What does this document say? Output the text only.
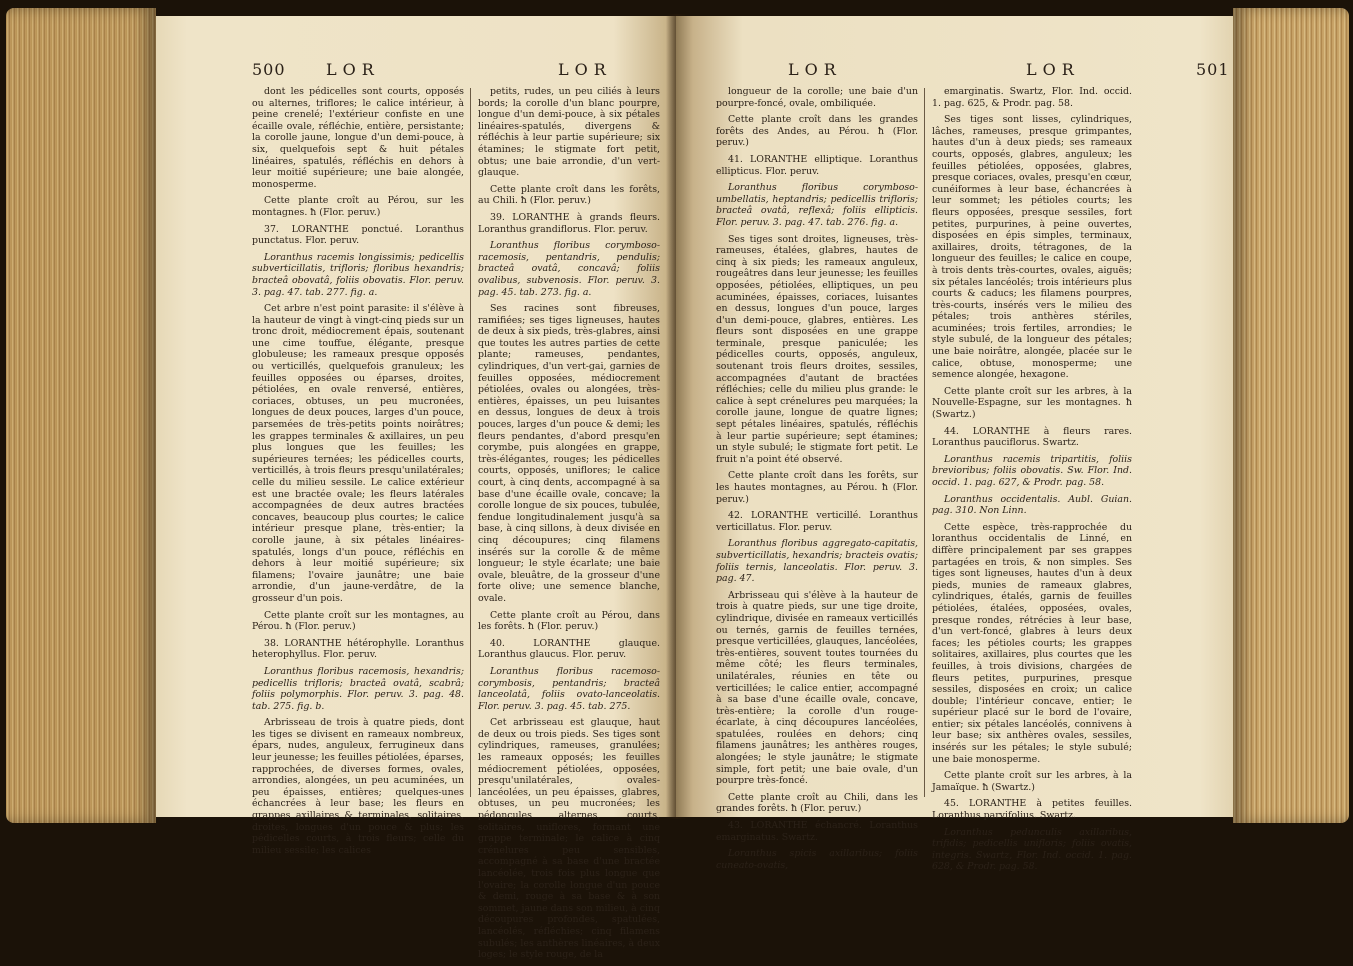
500	LOR	LOR

dont les pédicelles sont courts, opposés ou alternes, triflores; le calice intérieur, à peine crenelé; l'extérieur confiste en une écaille ovale, réfléchie, entière, persistante; la corolle jaune, longue d'un demi-pouce, à six, quelquefois sept & huit pétales linéaires, spatulés, réfléchis en dehors à leur moitié supérieure; une baie alongée, monosperme.

Cette plante croît au Pérou, sur les montagnes. ħ (Flor. peruv.)

37. LORANTHE ponctué. Loranthus punctatus. Flor. peruv.

Loranthus racemis longissimis; pedicellis subverticillatis, trifloris; floribus hexandris; bracteâ obovatâ, foliis obovatis. Flor. peruv. 3. pag. 47. tab. 277. fig. a.

Cet arbre n'est point parasite: il s'élève à la hauteur de vingt à vingt-cinq pieds sur un tronc droit, médiocrement épais, soutenant une cime touffue, élégante, presque globuleuse; les rameaux presque opposés ou verticillés, quelquefois granuleux; les feuilles opposées ou éparses, droites, pétiolées, en ovale renversé, entières, coriaces, obtuses, un peu mucronées, longues de deux pouces, larges d'un pouce, parsemées de très-petits points noirâtres; les grappes terminales & axillaires, un peu plus longues que les feuilles; les supérieures ternées; les pédicelles courts, verticillés, à trois fleurs presqu'unilatérales; celle du milieu sessile. Le calice extérieur est une bractée ovale; les fleurs latérales accompagnées de deux autres bractées concaves, beaucoup plus courtes; le calice intérieur presque plane, très-entier; la corolle jaune, à six pétales linéaires-spatulés, longs d'un pouce, réfléchis en dehors à leur moitié supérieure; six filamens; l'ovaire jaunâtre; une baie arrondie, d'un jaune-verdâtre, de la grosseur d'un pois.

Cette plante croît sur les montagnes, au Pérou. ħ (Flor. peruv.)

38. LORANTHE hétérophylle. Loranthus heterophyllus. Flor. peruv.

Loranthus floribus racemosis, hexandris; pedicellis trifloris; bracteâ ovatâ, scabrâ; foliis polymorphis. Flor. peruv. 3. pag. 48. tab. 275. fig. b.

Arbrisseau de trois à quatre pieds, dont les tiges se divisent en rameaux nombreux, épars, nudes, anguleux, ferrugineux dans leur jeunesse; les feuilles pétiolées, éparses, rapprochées, de diverses formes, ovales, arrondies, alongées, un peu acuminées, un peu épaisses, entières; quelques-unes échancrées à leur base; les fleurs en grappes axillaires & terminales, solitaires, droites, longues d'un pouce & plus; les pédicelles courts, à trois fleurs; celle du milieu sessile; les calices

petits, rudes, un peu ciliés à leurs bords; la corolle d'un blanc pourpre, longue d'un demi-pouce, à six pétales linéaires-spatulés, divergens & réfléchis à leur partie supérieure; six étamines; le stigmate fort petit, obtus; une baie arrondie, d'un vert-glauque.

Cette plante croît dans les forêts, au Chili. ħ (Flor. peruv.)

39. LORANTHE à grands fleurs. Loranthus grandiflorus. Flor. peruv.

Loranthus floribus corymboso-racemosis, pentandris, pendulis; bracteâ ovatâ, concavâ; foliis ovalibus, subvenosis. Flor. peruv. 3. pag. 45. tab. 273. fig. a.

Ses racines sont fibreuses, ramifiées; ses tiges ligneuses, hautes de deux à six pieds, très-glabres, ainsi que toutes les autres parties de cette plante; rameuses, pendantes, cylindriques, d'un vert-gai, garnies de feuilles opposées, médiocrement pétiolées, ovales ou alongées, très-entières, épaisses, un peu luisantes en dessus, longues de deux à trois pouces, larges d'un pouce & demi; les fleurs pendantes, d'abord presqu'en corymbe, puis alongées en grappe, très-élégantes, rouges; les pédicelles courts, opposés, uniflores; le calice court, à cinq dents, accompagné à sa base d'une écaille ovale, concave; la corolle longue de six pouces, tubulée, fendue longitudinalement jusqu'à sa base, à cinq sillons, à deux divisée en cinq découpures; cinq filamens insérés sur la corolle & de même longueur; le style écarlate; une baie ovale, bleuâtre, de la grosseur d'une forte olive; une semence blanche, ovale.

Cette plante croît au Pérou, dans les forêts. ħ (Flor. peruv.)

40. LORANTHE glauque. Loranthus glaucus. Flor. peruv.

Loranthus floribus racemoso-corymbosis, pentandris; bracteâ lanceolatâ, foliis ovato-lanceolatis. Flor. peruv. 3. pag. 45. tab. 275.

Cet arbrisseau est glauque, haut de deux ou trois pieds. Ses tiges sont cylindriques, rameuses, granulées; les rameaux opposés; les feuilles médiocrement pétiolées, opposées, presqu'unilatérales, ovales-lancéolées, un peu épaisses, glabres, obtuses, un peu mucronées; les pédoncules alternes, courts, solitaires, uniflores, formant une grappe terminale; le calice à cinq crénelures peu sensibles, accompagné à sa base d'une bractée lancéolée, trois fois plus longue que l'ovaire; la corolle longue d'un pouce & demi, rouge à sa base & à son sommet, jaune dans son milieu, à cinq découpures profondes, spatulées, lancéolés, réfléchies; cinq filamens subulés; les anthères linéaires, à deux loges; le style rouge, de la

LOR	LOR	501

longueur de la corolle; une baie d'un pourpre-foncé, ovale, ombiliquée.

Cette plante croît dans les grandes forêts des Andes, au Pérou. ħ (Flor. peruv.)

41. LORANTHE elliptique. Loranthus ellipticus. Flor. peruv.

Loranthus floribus corymboso-umbellatis, heptandris; pedicellis trifloris; bracteâ ovatâ, reflexâ; foliis ellipticis. Flor. peruv. 3. pag. 47. tab. 276. fig. a.

Ses tiges sont droites, ligneuses, très-rameuses, étalées, glabres, hautes de cinq à six pieds; les rameaux anguleux, rougeâtres dans leur jeunesse; les feuilles opposées, pétiolées, elliptiques, un peu acuminées, épaisses, coriaces, luisantes en dessus, longues d'un pouce, larges d'un demi-pouce, glabres, entières. Les fleurs sont disposées en une grappe terminale, presque paniculée; les pédicelles courts, opposés, anguleux, soutenant trois fleurs droites, sessiles, accompagnées d'autant de bractées réfléchies; celle du milieu plus grande: le calice à sept crénelures peu marquées; la corolle jaune, longue de quatre lignes; sept pétales linéaires, spatulés, réfléchis à leur partie supérieure; sept étamines; un style subulé; le stigmate fort petit. Le fruit n'a point été observé.

Cette plante croît dans les forêts, sur les hautes montagnes, au Pérou. ħ (Flor. peruv.)

42. LORANTHE verticillé. Loranthus verticillatus. Flor. peruv.

Loranthus floribus aggregato-capitatis, subverticillatis, hexandris; bracteis ovatis; foliis ternis, lanceolatis. Flor. peruv. 3. pag. 47.

Arbrisseau qui s'élève à la hauteur de trois à quatre pieds, sur une tige droite, cylindrique, divisée en rameaux verticillés ou ternés, garnis de feuilles ternées, presque verticillées, glauques, lancéolées, très-entières, souvent toutes tournées du même côté; les fleurs terminales, unilatérales, réunies en tête ou verticillées; le calice entier, accompagné à sa base d'une écaille ovale, concave, très-entière; la corolle d'un rouge-écarlate, à cinq découpures lancéolées, spatulées, roulées en dehors; cinq filamens jaunâtres; les anthères rouges, alongées; le style jaunâtre; le stigmate simple, fort petit; une baie ovale, d'un pourpre très-foncé.

Cette plante croît au Chili, dans les grandes forêts. ħ (Flor. peruv.)

43. LORANTHE échancré. Loranthus emarginatus. Swartz.

Loranthus spicis axillaribus; foliis cuneato-ovatis,

emarginatis. Swartz, Flor. Ind. occid. 1. pag. 625, & Prodr. pag. 58.

Ses tiges sont lisses, cylindriques, lâches, rameuses, presque grimpantes, hautes d'un à deux pieds; ses rameaux courts, opposés, glabres, anguleux; les feuilles pétiolées, opposées, glabres, presque coriaces, ovales, presqu'en cœur, cunéiformes à leur base, échancrées à leur sommet; les pétioles courts; les fleurs opposées, presque sessiles, fort petites, purpurines, à peine ouvertes, disposées en épis simples, terminaux, axillaires, droits, tétragones, de la longueur des feuilles; le calice en coupe, à trois dents très-courtes, ovales, aiguës; six pétales lancéolés; trois intérieurs plus courts & caducs; les filamens pourpres, très-courts, insérés vers le milieu des pétales; trois anthères stériles, acuminées; trois fertiles, arrondies; le style subulé, de la longueur des pétales; une baie noirâtre, alongée, placée sur le calice, obtuse, monosperme; une semence alongée, hexagone.

Cette plante croît sur les arbres, à la Nouvelle-Espagne, sur les montagnes. ħ (Swartz.)

44. LORANTHE à fleurs rares. Loranthus pauciflorus. Swartz.

Loranthus racemis tripartitis, foliis brevioribus; foliis obovatis. Sw. Flor. Ind. occid. 1. pag. 627, & Prodr. pag. 58.

Loranthus occidentalis. Aubl. Guian. pag. 310. Non Linn.

Cette espèce, très-rapprochée du loranthus occidentalis de Linné, en diffère principalement par ses grappes partagées en trois, & non simples. Ses tiges sont ligneuses, hautes d'un à deux pieds, munies de rameaux glabres, cylindriques, étalés, garnis de feuilles pétiolées, étalées, opposées, ovales, presque rondes, rétrécies à leur base, d'un vert-foncé, glabres à leurs deux faces; les pétioles courts; les grappes solitaires, axillaires, plus courtes que les feuilles, à trois divisions, chargées de fleurs petites, purpurines, presque sessiles, disposées en croix; un calice double; l'intérieur concave, entier; le supérieur placé sur le bord de l'ovaire, entier; six pétales lancéolés, connivens à leur base; six anthères ovales, sessiles, insérés sur les pétales; le style subulé; une baie monosperme.

Cette plante croît sur les arbres, à la Jamaïque. ħ (Swartz.)

45. LORANTHE à petites feuilles. Loranthus parvifolius. Swartz.

Loranthus pedunculis axillaribus, trifidis; pedicellis unifloris; foliis ovatis, integris. Swartz, Flor. Ind. occid. 1. pag. 628, & Prodr. pag. 58.
